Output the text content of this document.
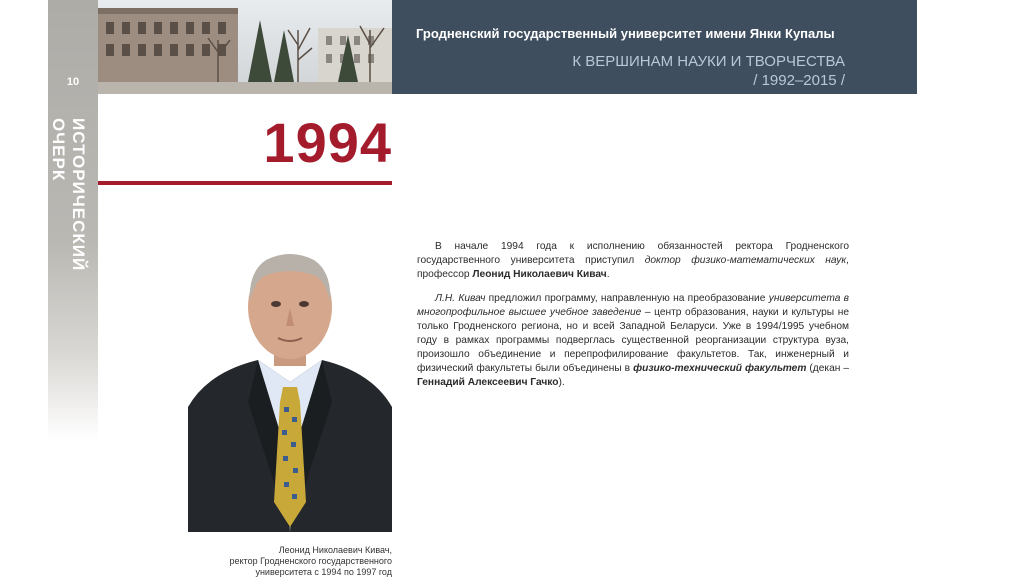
10
ИСТОРИЧЕСКИЙ ОЧЕРК
Гродненский государственный университет имени Янки Купалы
К ВЕРШИНАМ НАУКИ И ТВОРЧЕСТВА
/ 1992–2015 /
1994
Леонид Николаевич Кивач,
ректор Гродненского государственного
университета с 1994 по 1997 год

В начале 1994 года к исполнению обязанностей ректора Гродненского государственного университета приступил доктор физико-математических наук, профессор Леонид Николаевич Кивач.

Л.Н. Кивач предложил программу, направленную на преобразование университета в многопрофильное высшее учебное заведение – центр образования, науки и культуры не только Гродненского региона, но и всей Западной Беларуси. Уже в 1994/1995 учебном году в рамках программы подверглась существенной реорганизации структура вуза, произошло объединение и перепрофилирование факультетов. Так, инженерный и физический факультеты были объединены в физико-технический факультет (декан – Геннадий Алексеевич Гачко).
